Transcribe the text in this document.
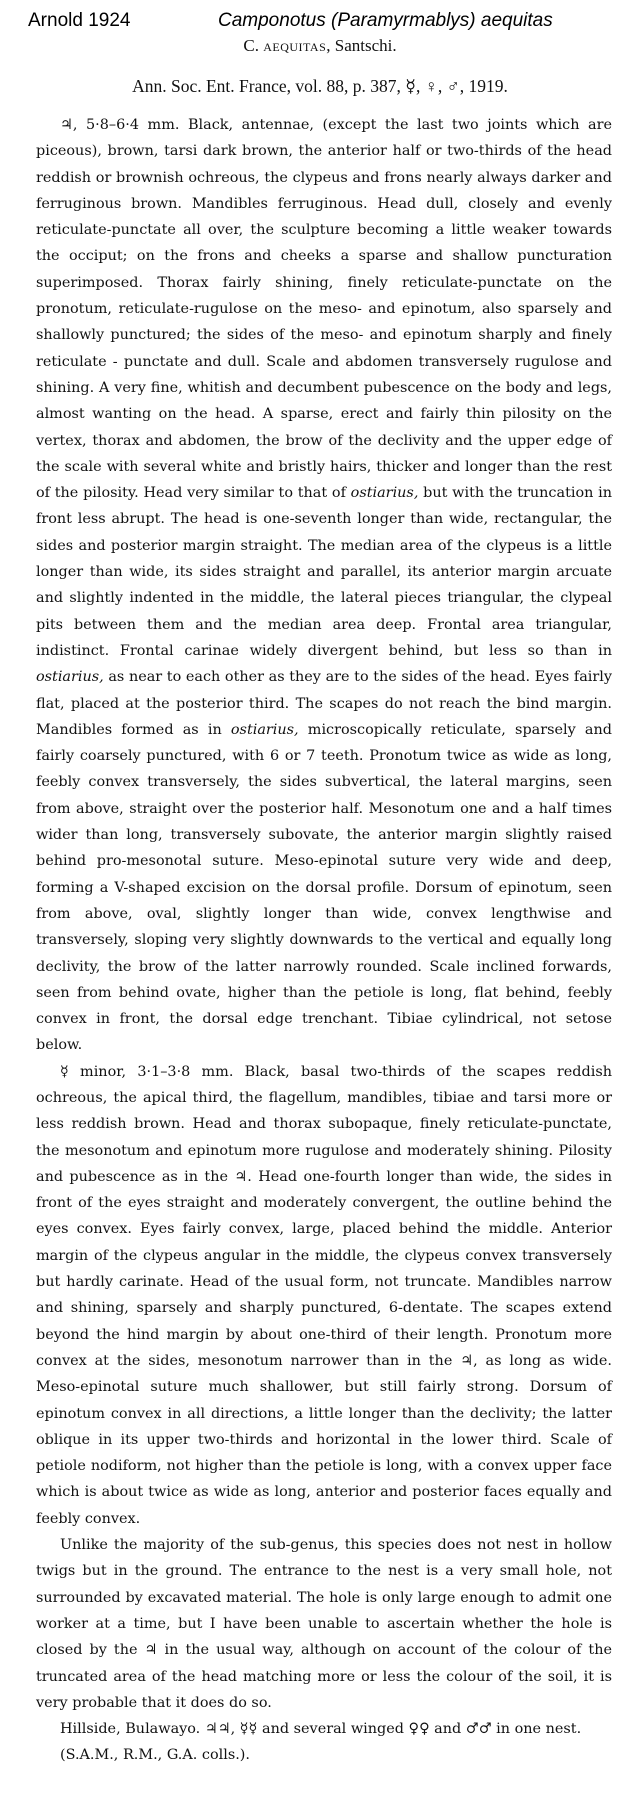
Arnold 1924	Camponotus (Paramyrmablys) aequitas
C. aequitas, Santschi.
Ann. Soc. Ent. France, vol. 88, p. 387, ☿, ♀, ♂, 1919.

♃, 5·8–6·4 mm. Black, antennae, (except the last two joints which are piceous), brown, tarsi dark brown, the anterior half or two-thirds of the head reddish or brownish ochreous, the clypeus and frons nearly always darker and ferruginous brown. Mandibles ferruginous. Head dull, closely and evenly reticulate-punctate all over, the sculpture becoming a little weaker towards the occiput; on the frons and cheeks a sparse and shallow puncturation superimposed. Thorax fairly shining, finely reticulate-punctate on the pronotum, reticulate-rugulose on the meso- and epinotum, also sparsely and shallowly punctured; the sides of the meso- and epinotum sharply and finely reticulate - punctate and dull. Scale and abdomen transversely rugulose and shining. A very fine, whitish and decumbent pubescence on the body and legs, almost wanting on the head. A sparse, erect and fairly thin pilosity on the vertex, thorax and abdomen, the brow of the declivity and the upper edge of the scale with several white and bristly hairs, thicker and longer than the rest of the pilosity. Head very similar to that of ostiarius, but with the truncation in front less abrupt. The head is one-seventh longer than wide, rectangular, the sides and posterior margin straight. The median area of the clypeus is a little longer than wide, its sides straight and parallel, its anterior margin arcuate and slightly indented in the middle, the lateral pieces triangular, the clypeal pits between them and the median area deep. Frontal area triangular, indistinct. Frontal carinae widely divergent behind, but less so than in ostiarius, as near to each other as they are to the sides of the head. Eyes fairly flat, placed at the posterior third. The scapes do not reach the bind margin. Mandibles formed as in ostiarius, microscopically reticulate, sparsely and fairly coarsely punctured, with 6 or 7 teeth. Pronotum twice as wide as long, feebly convex transversely, the sides subvertical, the lateral margins, seen from above, straight over the posterior half. Mesonotum one and a half times wider than long, transversely subovate, the anterior margin slightly raised behind pro-mesonotal suture. Meso-epinotal suture very wide and deep, forming a V-shaped excision on the dorsal profile. Dorsum of epinotum, seen from above, oval, slightly longer than wide, convex lengthwise and transversely, sloping very slightly downwards to the vertical and equally long declivity, the brow of the latter narrowly rounded. Scale inclined forwards, seen from behind ovate, higher than the petiole is long, flat behind, feebly convex in front, the dorsal edge trenchant. Tibiae cylindrical, not setose below.

☿ minor, 3·1–3·8 mm. Black, basal two-thirds of the scapes reddish ochreous, the apical third, the flagellum, mandibles, tibiae and tarsi more or less reddish brown. Head and thorax subopaque, finely reticulate-punctate, the mesonotum and epinotum more rugulose and moderately shining. Pilosity and pubescence as in the ♃. Head one-fourth longer than wide, the sides in front of the eyes straight and moderately convergent, the outline behind the eyes convex. Eyes fairly convex, large, placed behind the middle. Anterior margin of the clypeus angular in the middle, the clypeus convex transversely but hardly carinate. Head of the usual form, not truncate. Mandibles narrow and shining, sparsely and sharply punctured, 6-dentate. The scapes extend beyond the hind margin by about one-third of their length. Pronotum more convex at the sides, mesonotum narrower than in the ♃, as long as wide. Meso-epinotal suture much shallower, but still fairly strong. Dorsum of epinotum convex in all directions, a little longer than the declivity; the latter oblique in its upper two-thirds and horizontal in the lower third. Scale of petiole nodiform, not higher than the petiole is long, with a convex upper face which is about twice as wide as long, anterior and posterior faces equally and feebly convex.

Unlike the majority of the sub-genus, this species does not nest in hollow twigs but in the ground. The entrance to the nest is a very small hole, not surrounded by excavated material. The hole is only large enough to admit one worker at a time, but I have been unable to ascertain whether the hole is closed by the ♃ in the usual way, although on account of the colour of the truncated area of the head matching more or less the colour of the soil, it is very probable that it does do so.

Hillside, Bulawayo. ♃♃, ☿☿ and several winged ♀♀ and ♂♂ in one nest.

(S.A.M., R.M., G.A. colls.).
